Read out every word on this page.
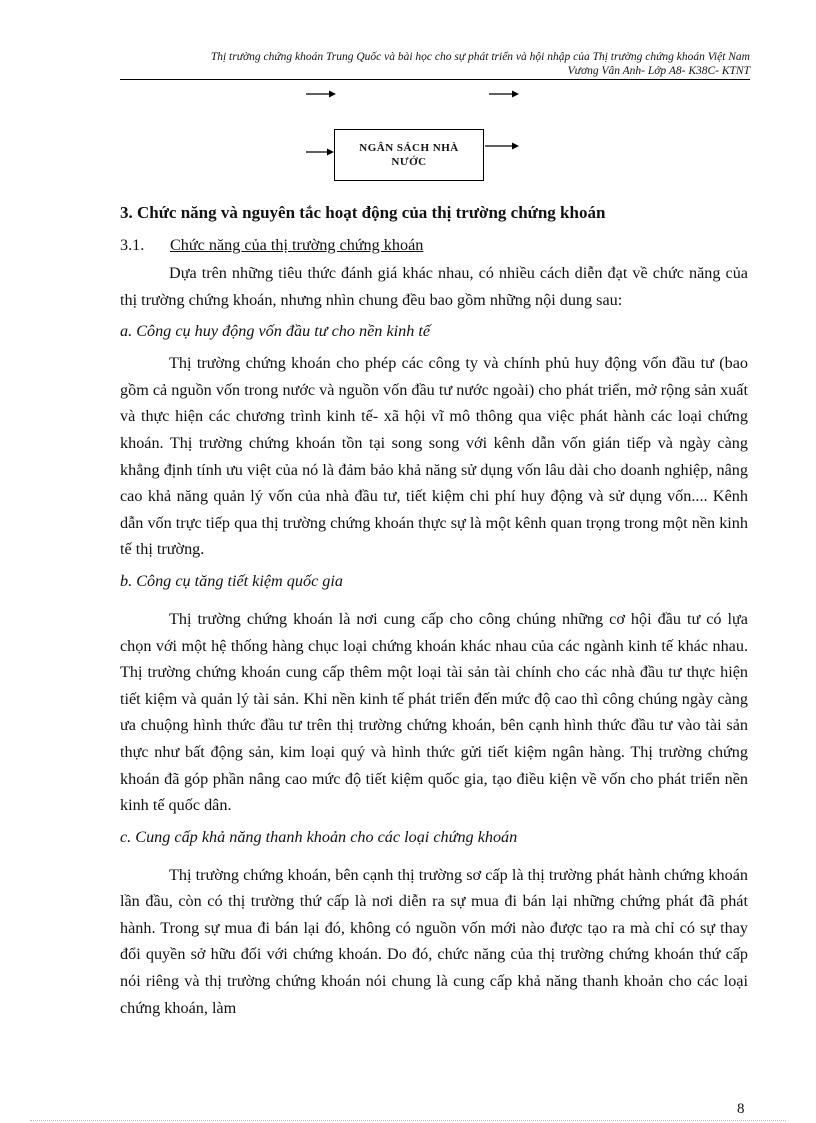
Thị trường chứng khoán Trung Quốc và bài học cho sự phát triển và hội nhập của Thị trường chứng khoán Việt Nam
Vương Vân Anh- Lớp A8- K38C- KTNT
NGÂN SÁCH NHÀ
NƯỚC
3. Chức năng và nguyên tắc hoạt động của thị trường chứng khoán
3.1. Chức năng của thị trường chứng khoán

Dựa trên những tiêu thức đánh giá khác nhau, có nhiều cách diễn đạt về chức năng của thị trường chứng khoán, nhưng nhìn chung đều bao gồm những nội dung sau:

a. Công cụ huy động vốn đầu tư cho nền kinh tế

Thị trường chứng khoán cho phép các công ty và chính phủ huy động vốn đầu tư (bao gồm cả nguồn vốn trong nước và nguồn vốn đầu tư nước ngoài) cho phát triển, mở rộng sản xuất và thực hiện các chương trình kinh tế- xã hội vĩ mô thông qua việc phát hành các loại chứng khoán. Thị trường chứng khoán tồn tại song song với kênh dẫn vốn gián tiếp và ngày càng khẳng định tính ưu việt của nó là đảm bảo khả năng sử dụng vốn lâu dài cho doanh nghiệp, nâng cao khả năng quản lý vốn của nhà đầu tư, tiết kiệm chi phí huy động và sử dụng vốn.... Kênh dẫn vốn trực tiếp qua thị trường chứng khoán thực sự là một kênh quan trọng trong một nền kinh tế thị trường.

b. Công cụ tăng tiết kiệm quốc gia

Thị trường chứng khoán là nơi cung cấp cho công chúng những cơ hội đầu tư có lựa chọn với một hệ thống hàng chục loại chứng khoán khác nhau của các ngành kinh tế khác nhau. Thị trường chứng khoán cung cấp thêm một loại tài sản tài chính cho các nhà đầu tư thực hiện tiết kiệm và quản lý tài sản. Khi nền kinh tế phát triển đến mức độ cao thì công chúng ngày càng ưa chuộng hình thức đầu tư trên thị trường chứng khoán, bên cạnh hình thức đầu tư vào tài sản thực như bất động sản, kim loại quý và hình thức gửi tiết kiệm ngân hàng. Thị trường chứng khoán đã góp phần nâng cao mức độ tiết kiệm quốc gia, tạo điều kiện về vốn cho phát triển nền kinh tế quốc dân.

c. Cung cấp khả năng thanh khoản cho các loại chứng khoán

Thị trường chứng khoán, bên cạnh thị trường sơ cấp là thị trường phát hành chứng khoán lần đầu, còn có thị trường thứ cấp là nơi diễn ra sự mua đi bán lại những chứng phát đã phát hành. Trong sự mua đi bán lại đó, không có nguồn vốn mới nào được tạo ra mà chỉ có sự thay đổi quyền sở hữu đối với chứng khoán. Do đó, chức năng của thị trường chứng khoán thứ cấp nói riêng và thị trường chứng khoán nói chung là cung cấp khả năng thanh khoản cho các loại chứng khoán, làm

8
